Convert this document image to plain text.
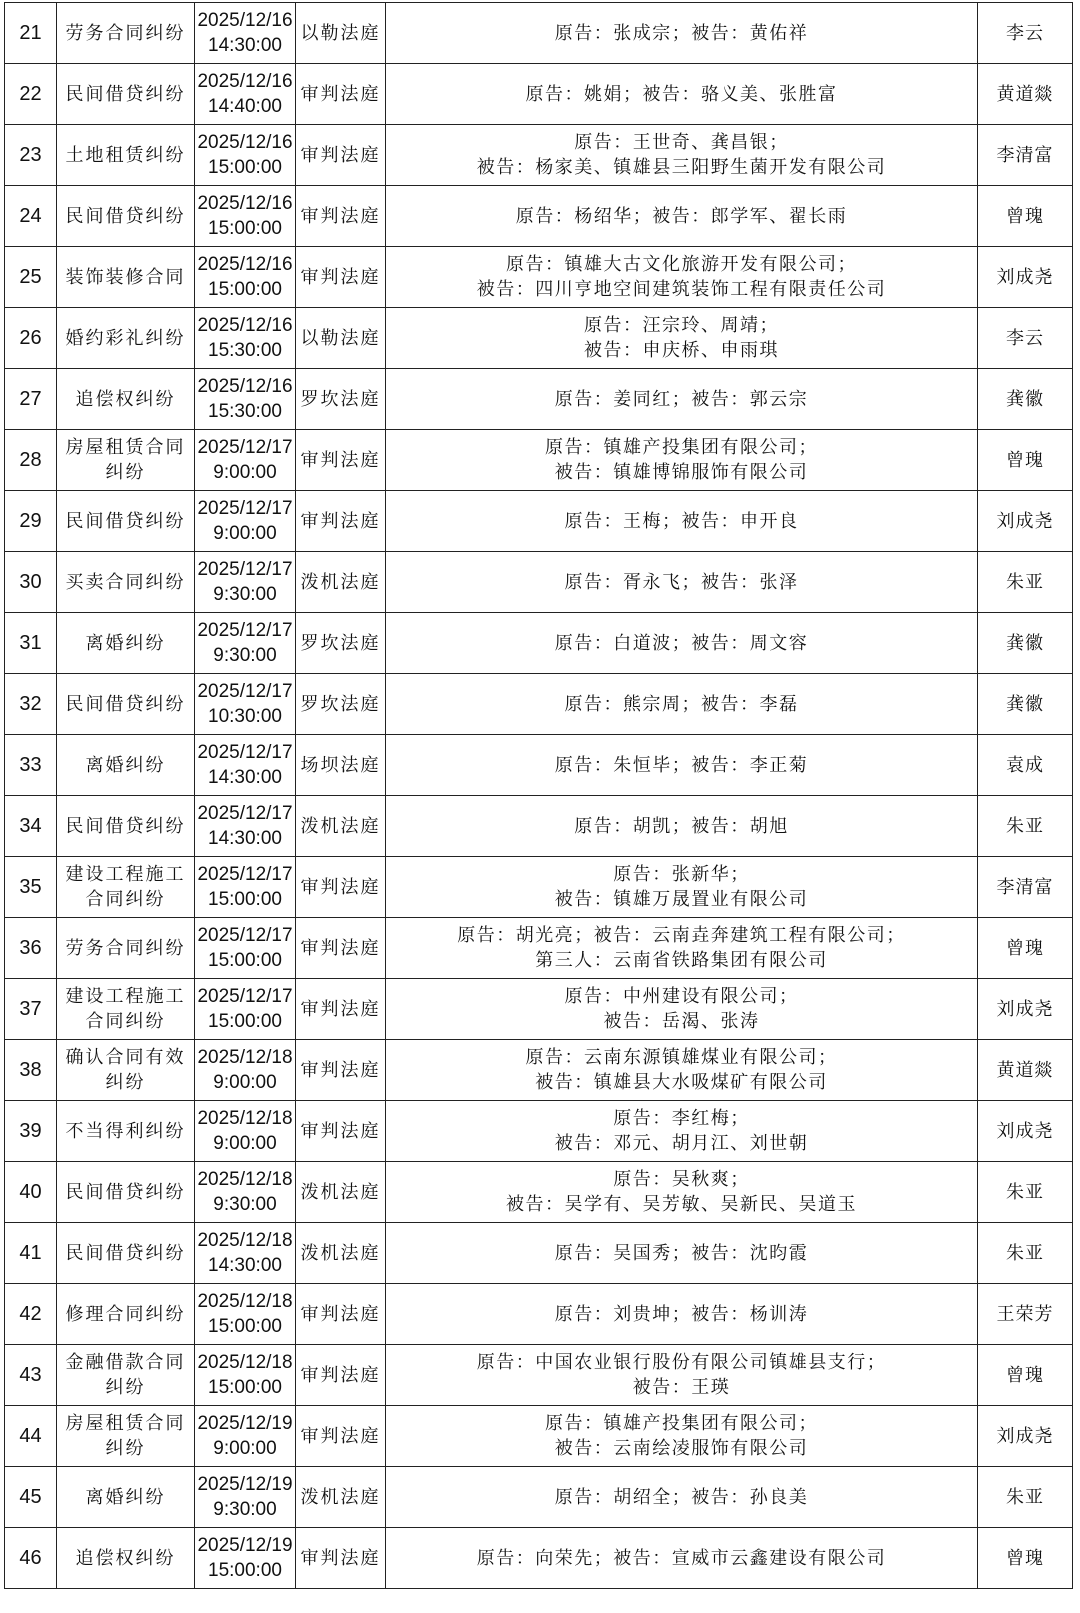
21	劳务合同纠纷	2025/12/16
14:30:00	以勒法庭	原告：张成宗；被告：黄佑祥	李云
22	民间借贷纠纷	2025/12/16
14:40:00	审判法庭	原告：姚娟；被告：骆义美、张胜富	黄道燚
23	土地租赁纠纷	2025/12/16
15:00:00	审判法庭	原告：王世奇、龚昌银；
被告：杨家美、镇雄县三阳野生菌开发有限公司	李清富
24	民间借贷纠纷	2025/12/16
15:00:00	审判法庭	原告：杨绍华；被告：郎学军、翟长雨	曾瑰
25	装饰装修合同	2025/12/16
15:00:00	审判法庭	原告：镇雄大古文化旅游开发有限公司；
被告：四川亨地空间建筑装饰工程有限责任公司	刘成尧
26	婚约彩礼纠纷	2025/12/16
15:30:00	以勒法庭	原告：汪宗玲、周靖；
被告：申庆桥、申雨琪	李云
27	追偿权纠纷	2025/12/16
15:30:00	罗坎法庭	原告：姜同红；被告：郭云宗	龚徽
28	房屋租赁合同
纠纷	2025/12/17
9:00:00	审判法庭	原告：镇雄产投集团有限公司；
被告：镇雄博锦服饰有限公司	曾瑰
29	民间借贷纠纷	2025/12/17
9:00:00	审判法庭	原告：王梅；被告：申开良	刘成尧
30	买卖合同纠纷	2025/12/17
9:30:00	泼机法庭	原告：胥永飞；被告：张泽	朱亚
31	离婚纠纷	2025/12/17
9:30:00	罗坎法庭	原告：白道波；被告：周文容	龚徽
32	民间借贷纠纷	2025/12/17
10:30:00	罗坎法庭	原告：熊宗周；被告：李磊	龚徽
33	离婚纠纷	2025/12/17
14:30:00	场坝法庭	原告：朱恒毕；被告：李正菊	袁成
34	民间借贷纠纷	2025/12/17
14:30:00	泼机法庭	原告：胡凯；被告：胡旭	朱亚
35	建设工程施工
合同纠纷	2025/12/17
15:00:00	审判法庭	原告：张新华；
被告：镇雄万晟置业有限公司	李清富
36	劳务合同纠纷	2025/12/17
15:00:00	审判法庭	原告：胡光亮；被告：云南垚奔建筑工程有限公司；
第三人：云南省铁路集团有限公司	曾瑰
37	建设工程施工
合同纠纷	2025/12/17
15:00:00	审判法庭	原告：中州建设有限公司；
被告：岳渴、张涛	刘成尧
38	确认合同有效
纠纷	2025/12/18
9:00:00	审判法庭	原告：云南东源镇雄煤业有限公司；
被告：镇雄县大水吸煤矿有限公司	黄道燚
39	不当得利纠纷	2025/12/18
9:00:00	审判法庭	原告：李红梅；
被告：邓元、胡月江、刘世朝	刘成尧
40	民间借贷纠纷	2025/12/18
9:30:00	泼机法庭	原告：吴秋爽；
被告：吴学有、吴芳敏、吴新民、吴道玉	朱亚
41	民间借贷纠纷	2025/12/18
14:30:00	泼机法庭	原告：吴国秀；被告：沈昀霞	朱亚
42	修理合同纠纷	2025/12/18
15:00:00	审判法庭	原告：刘贵坤；被告：杨训涛	王荣芳
43	金融借款合同
纠纷	2025/12/18
15:00:00	审判法庭	原告：中国农业银行股份有限公司镇雄县支行；
被告：王瑛	曾瑰
44	房屋租赁合同
纠纷	2025/12/19
9:00:00	审判法庭	原告：镇雄产投集团有限公司；
被告：云南绘凌服饰有限公司	刘成尧
45	离婚纠纷	2025/12/19
9:30:00	泼机法庭	原告：胡绍全；被告：孙良美	朱亚
46	追偿权纠纷	2025/12/19
15:00:00	审判法庭	原告：向荣先；被告：宣威市云鑫建设有限公司	曾瑰
